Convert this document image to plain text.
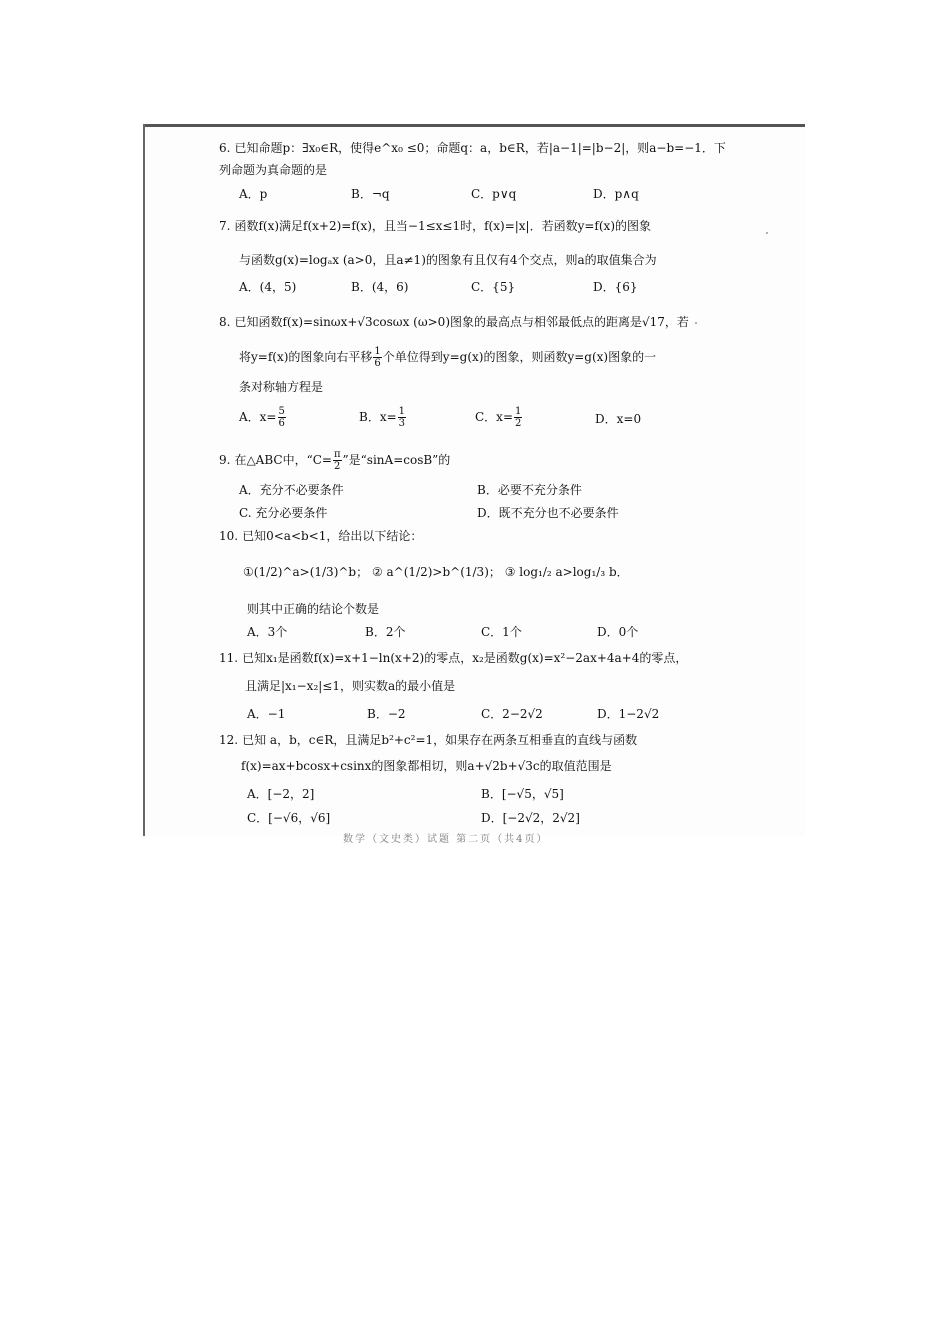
6. 已知命题p：∃x₀∈R，使得e^x₀ ≤0；命题q：a，b∈R，若|a−1|=|b−2|，则a−b=−1．下
列命题为真命题的是
A．p	B．¬q	C．p∨q	D．p∧q
7. 函数f(x)满足f(x+2)=f(x)，且当−1≤x≤1时，f(x)=|x|．若函数y=f(x)的图象
与函数g(x)=logₐx (a>0，且a≠1)的图象有且仅有4个交点，则a的取值集合为
A．(4，5)	B．(4，6)	C．{5}	D．{6}
8. 已知函数f(x)=sinωx+√3cosωx (ω>0)图象的最高点与相邻最低点的距离是√17，若
将y=f(x)的图象向右平移 $\frac{1}{6}$ 个单位得到y=g(x)的图象，则函数y=g(x)图象的一
条对称轴方程是
A．$x= \frac{5}{6}$	B．$x= \frac{1}{3}$	C．$x= \frac{1}{2}$	D．x=0
9. 在△ABC中，“$C= \frac{\pi}{2}$ ”是“sinA=cosB”的
A．充分不必要条件	B．必要不充分条件
C. 充分必要条件	D．既不充分也不必要条件
10. 已知0<a<b<1，给出以下结论：
①(1/2)^a>(1/3)^b； ② a^(1/2)>b^(1/3)； ③ log₁/₂ a>log₁/₃ b．
则其中正确的结论个数是
A．3个	B．2个	C．1个	D．0个
11. 已知x₁是函数f(x)=x+1−ln(x+2)的零点，x₂是函数g(x)=x²−2ax+4a+4的零点，
且满足|x₁−x₂|≤1，则实数a的最小值是
A．−1	B．−2	C．2−2√2	D．1−2√2
12. 已知 a，b，c∈R，且满足b²+c²=1，如果存在两条互相垂直的直线与函数
f(x)=ax+bcosx+csinx的图象都相切，则a+√2b+√3c的取值范围是
A．[−2，2]	B．[−√5，√5]
C．[−√6，√6]	D．[−2√2，2√2]
数学（文史类）试题 第二页（共4页）
